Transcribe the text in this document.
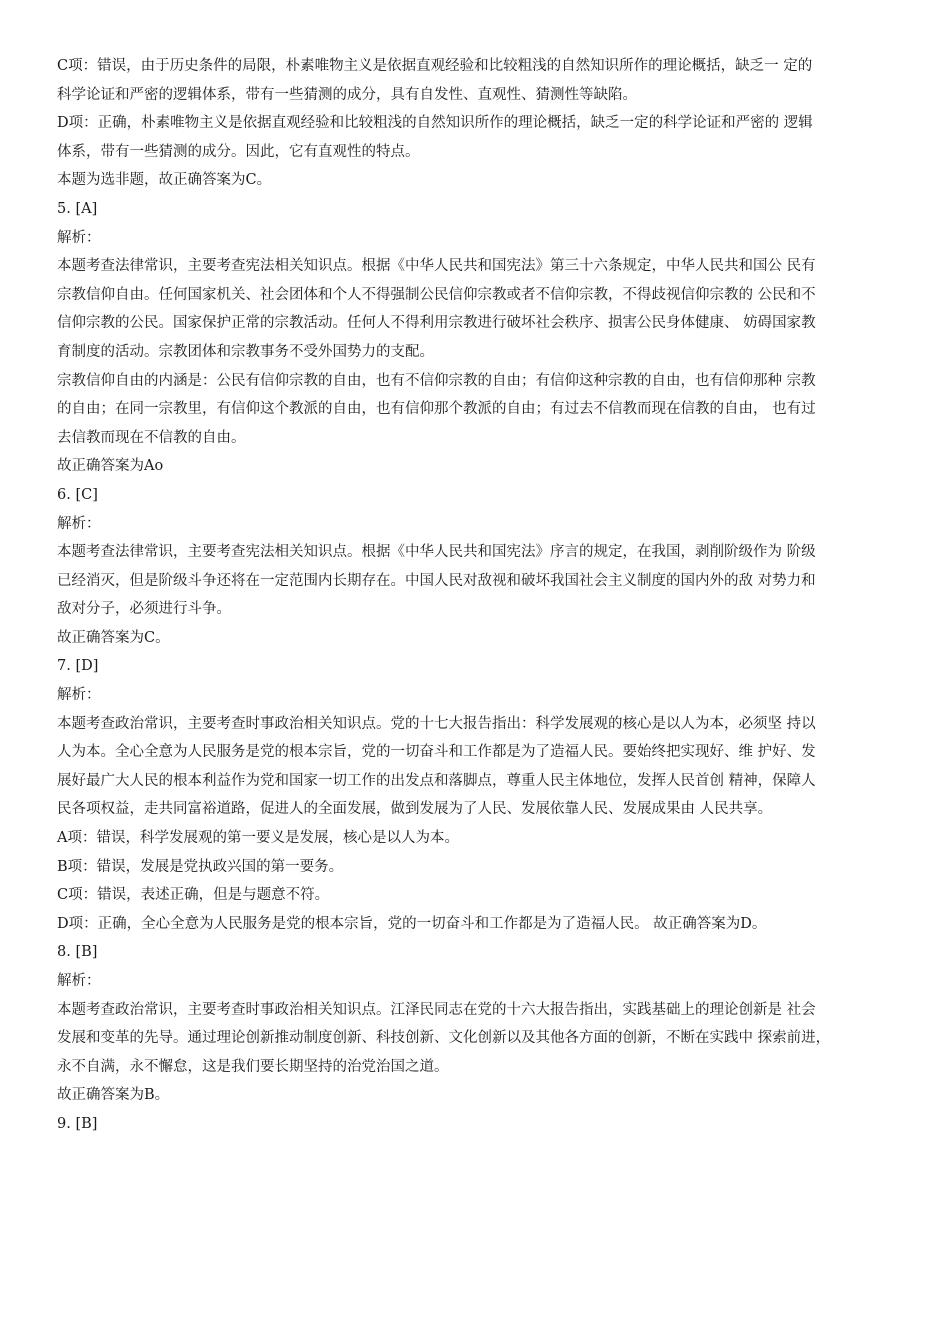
C项：错误，由于历史条件的局限，朴素唯物主义是依据直观经验和比较粗浅的自然知识所作的理论概括，缺乏一 定的

科学论证和严密的逻辑体系，带有一些猜测的成分，具有自发性、直观性、猜测性等缺陷。

D项：正确，朴素唯物主义是依据直观经验和比较粗浅的自然知识所作的理论概括，缺乏一定的科学论证和严密的 逻辑

体系，带有一些猜测的成分。因此，它有直观性的特点。

本题为选非题，故正确答案为C。

5. [A]

解析：

本题考查法律常识，主要考查宪法相关知识点。根据《中华人民共和国宪法》第三十六条规定，中华人民共和国公 民有

宗教信仰自由。任何国家机关、社会团体和个人不得强制公民信仰宗教或者不信仰宗教，不得歧视信仰宗教的 公民和不

信仰宗教的公民。国家保护正常的宗教活动。任何人不得利用宗教进行破坏社会秩序、损害公民身体健康、 妨碍国家教

育制度的活动。宗教团体和宗教事务不受外国势力的支配。

宗教信仰自由的内涵是：公民有信仰宗教的自由，也有不信仰宗教的自由；有信仰这种宗教的自由，也有信仰那种 宗教

的自由；在同一宗教里，有信仰这个教派的自由，也有信仰那个教派的自由；有过去不信教而现在信教的自由， 也有过

去信教而现在不信教的自由。

故正确答案为Ao

6. [C]

解析：

本题考查法律常识，主要考查宪法相关知识点。根据《中华人民共和国宪法》序言的规定，在我国，剥削阶级作为 阶级

已经消灭，但是阶级斗争还将在一定范围内长期存在。中国人民对敌视和破坏我国社会主义制度的国内外的敌 对势力和

敌对分子，必须进行斗争。

故正确答案为C。

7. [D]

解析：

本题考查政治常识，主要考查时事政治相关知识点。党的十七大报告指出：科学发展观的核心是以人为本，必须坚 持以

人为本。全心全意为人民服务是党的根本宗旨，党的一切奋斗和工作都是为了造福人民。要始终把实现好、维 护好、发

展好最广大人民的根本利益作为党和国家一切工作的出发点和落脚点，尊重人民主体地位，发挥人民首创 精神，保障人

民各项权益，走共同富裕道路，促进人的全面发展，做到发展为了人民、发展依靠人民、发展成果由 人民共享。

A项：错误，科学发展观的第一要义是发展，核心是以人为本。

B项：错误，发展是党执政兴国的第一要务。

C项：错误，表述正确，但是与题意不符。

D项：正确，全心全意为人民服务是党的根本宗旨，党的一切奋斗和工作都是为了造福人民。 故正确答案为D。

8. [B]

解析：

本题考查政治常识，主要考查时事政治相关知识点。江泽民同志在党的十六大报告指出，实践基础上的理论创新是 社会

发展和变革的先导。通过理论创新推动制度创新、科技创新、文化创新以及其他各方面的创新，不断在实践中 探索前进，

永不自满，永不懈怠，这是我们要长期坚持的治党治国之道。

故正确答案为B。

9. [B]
